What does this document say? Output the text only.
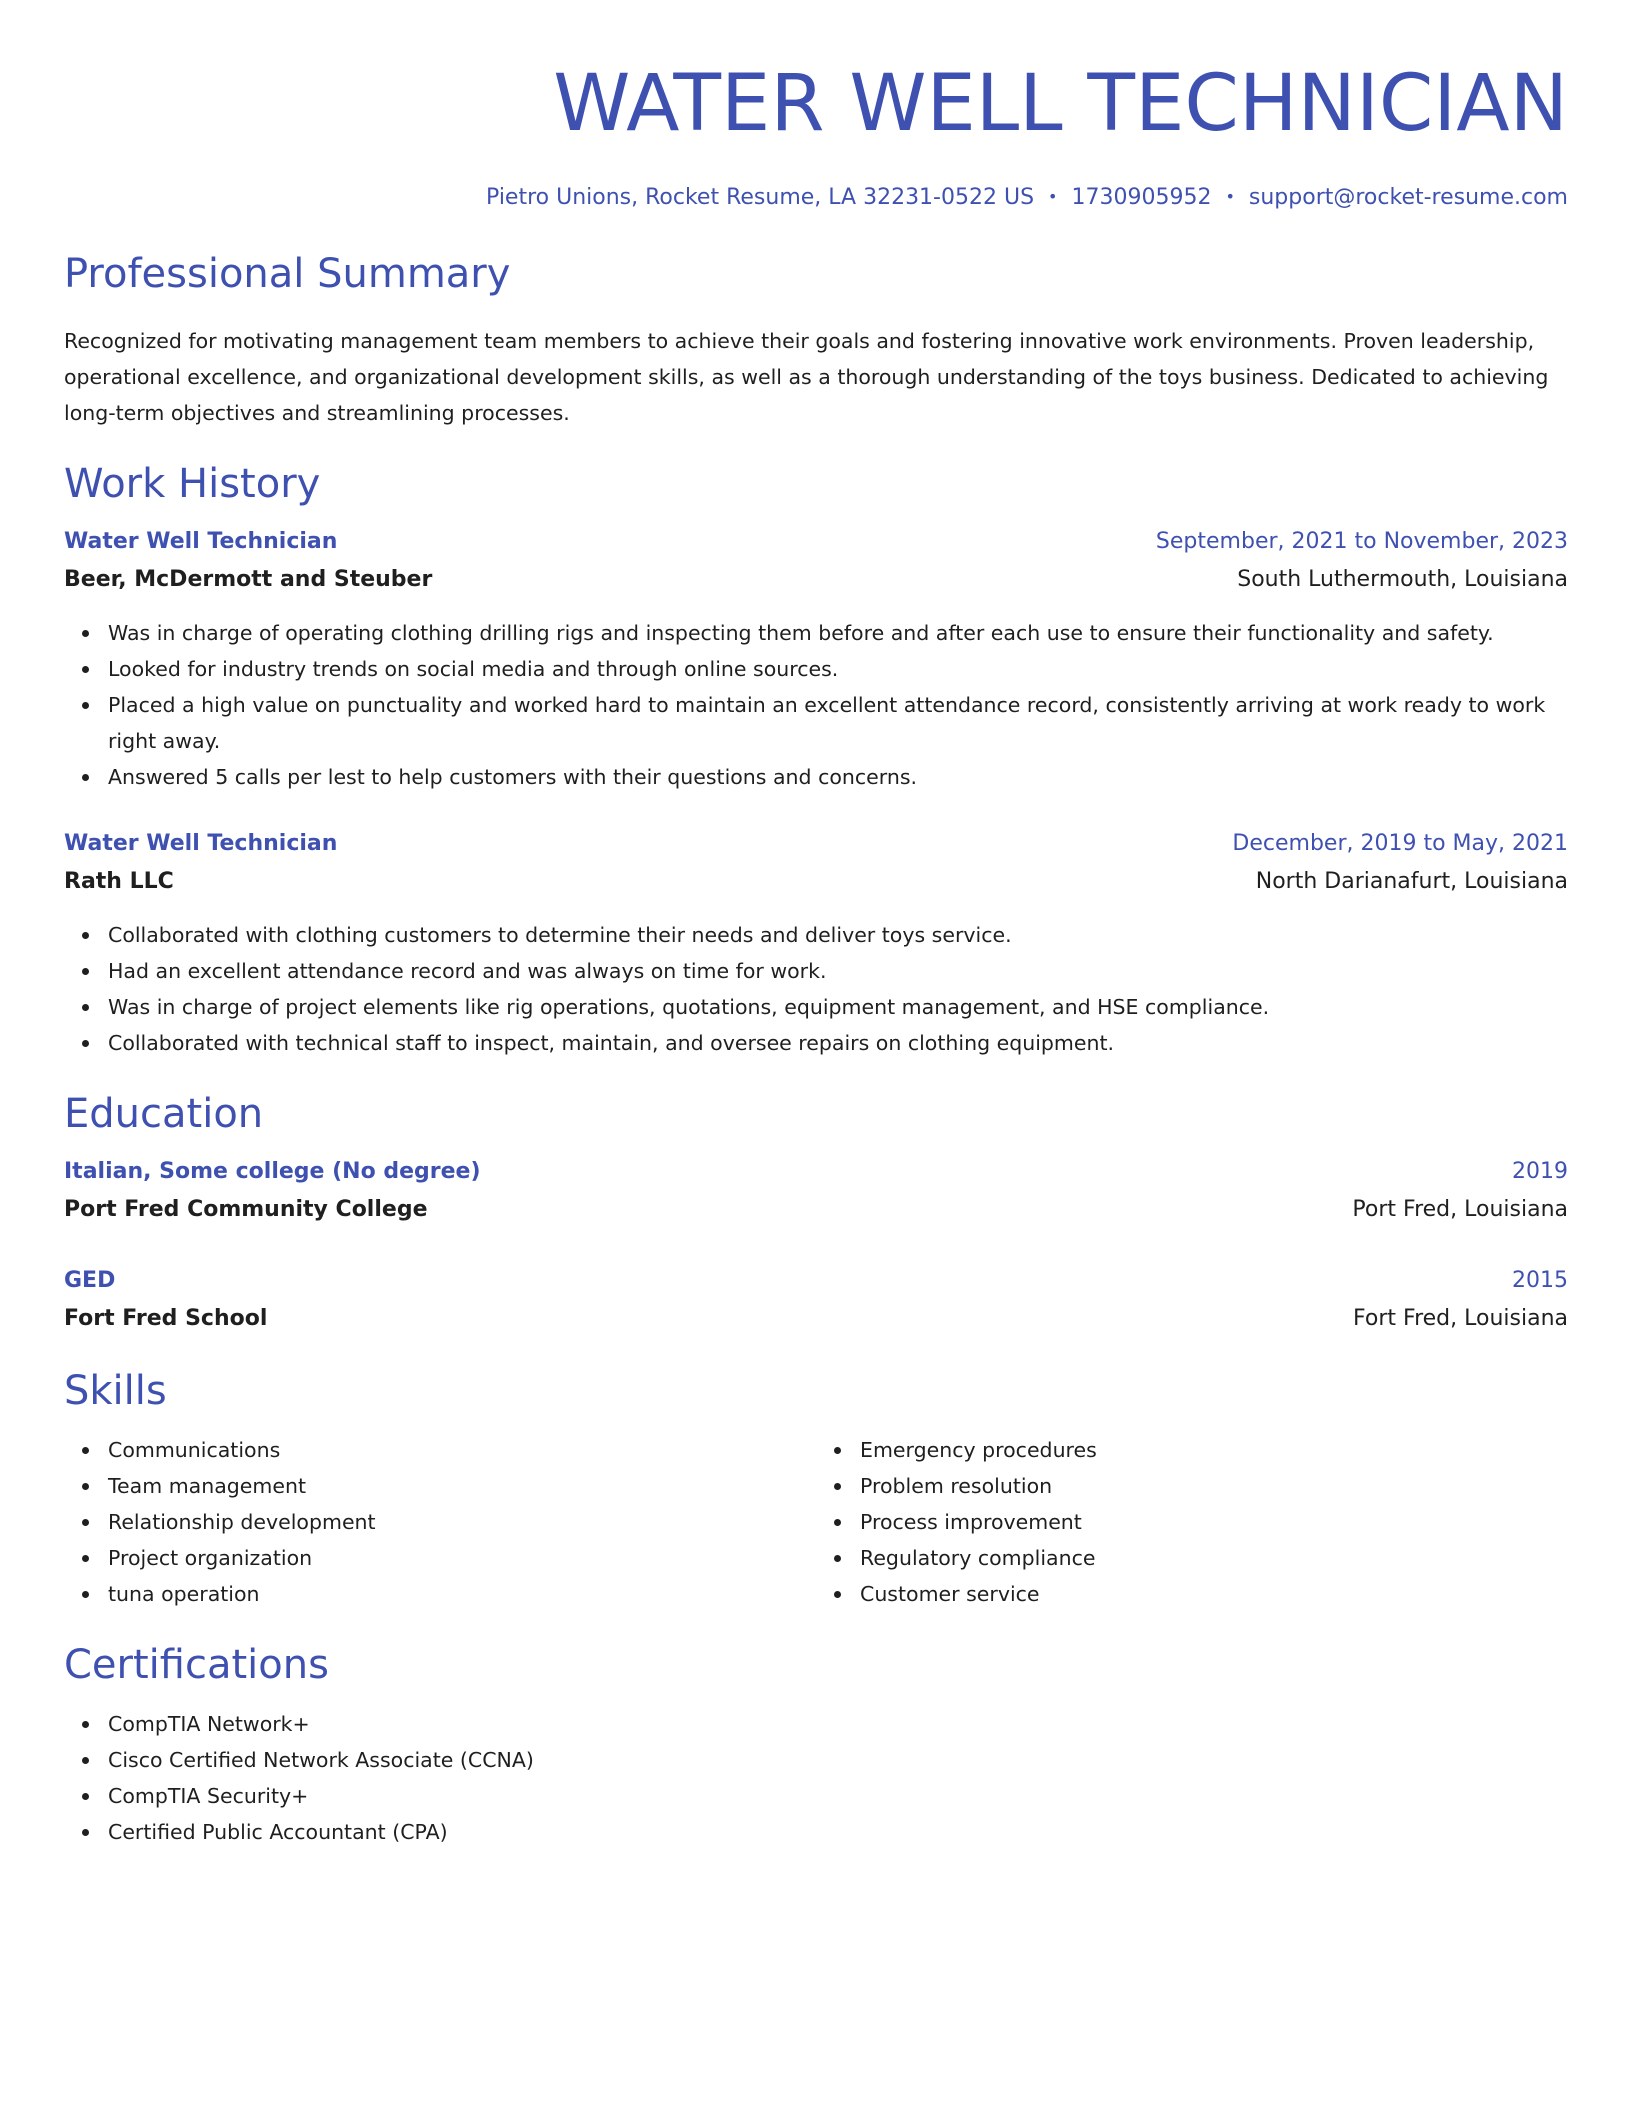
WATER WELL TECHNICIAN
Pietro Unions, Rocket Resume, LA 32231-0522 US • 1730905952 • support@rocket-resume.com
Professional Summary
Recognized for motivating management team members to achieve their goals and fostering innovative work environments. Proven leadership, operational excellence, and organizational development skills, as well as a thorough understanding of the toys business. Dedicated to achieving long-term objectives and streamlining processes.
Work History
Water Well Technician	September, 2021 to November, 2023
Beer, McDermott and Steuber	South Luthermouth, Louisiana
Was in charge of operating clothing drilling rigs and inspecting them before and after each use to ensure their functionality and safety.
Looked for industry trends on social media and through online sources.
Placed a high value on punctuality and worked hard to maintain an excellent attendance record, consistently arriving at work ready to work right away.
Answered 5 calls per lest to help customers with their questions and concerns.
Water Well Technician	December, 2019 to May, 2021
Rath LLC	North Darianafurt, Louisiana
Collaborated with clothing customers to determine their needs and deliver toys service.
Had an excellent attendance record and was always on time for work.
Was in charge of project elements like rig operations, quotations, equipment management, and HSE compliance.
Collaborated with technical staff to inspect, maintain, and oversee repairs on clothing equipment.
Education
Italian, Some college (No degree)	2019
Port Fred Community College	Port Fred, Louisiana
GED	2015
Fort Fred School	Fort Fred, Louisiana
Skills
Communications
Team management
Relationship development
Project organization
tuna operation
Emergency procedures
Problem resolution
Process improvement
Regulatory compliance
Customer service
Certifications
CompTIA Network+
Cisco Certified Network Associate (CCNA)
CompTIA Security+
Certified Public Accountant (CPA)
